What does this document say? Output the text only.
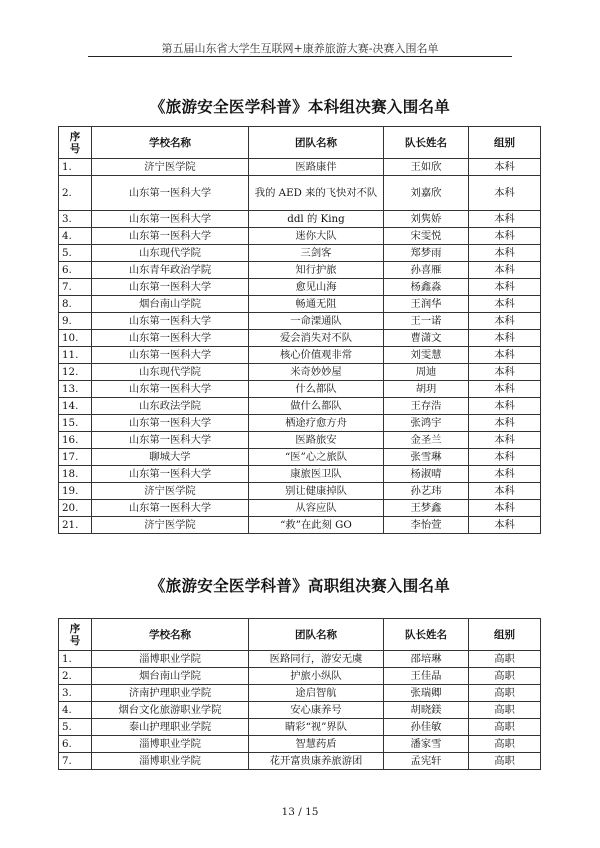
第五届山东省大学生互联网+康养旅游大赛-决赛入围名单
《旅游安全医学科普》本科组决赛入围名单
序号	学校名称	团队名称	队长姓名	组别
1.	济宁医学院	医路康伴	王如欣	本科
2.	山东第一医科大学	我的 AED 来的飞快对不队	刘嘉欣	本科
3.	山东第一医科大学	ddl 的 King	刘隽娇	本科
4.	山东第一医科大学	迷你大队	宋雯悦	本科
5.	山东现代学院	三剑客	郑梦雨	本科
6.	山东青年政治学院	知行护旅	孙喜雁	本科
7.	山东第一医科大学	愈见山海	杨鑫淼	本科
8.	烟台南山学院	畅通无阻	王润华	本科
9.	山东第一医科大学	一命溧通队	王一诺	本科
10.	山东第一医科大学	爱会消失对不队	曹潇文	本科
11.	山东第一医科大学	核心价值观非常	刘雯慧	本科
12.	山东现代学院	米奇妙妙屋	周迪	本科
13.	山东第一医科大学	什么都队	胡玥	本科
14.	山东政法学院	做什么都队	王存浩	本科
15.	山东第一医科大学	栖途疗愈方舟	张鸿宇	本科
16.	山东第一医科大学	医路旅安	金圣兰	本科
17.	聊城大学	“医”心之旅队	张雪琳	本科
18.	山东第一医科大学	康旅医卫队	杨淑晴	本科
19.	济宁医学院	别让健康掉队	孙艺玮	本科
20.	山东第一医科大学	从容应队	王梦鑫	本科
21.	济宁医学院	“救”在此刻 GO	李怡萱	本科
《旅游安全医学科普》高职组决赛入围名单
序号	学校名称	团队名称	队长姓名	组别
1.	淄博职业学院	医路同行，游安无虞	邵培琳	高职
2.	烟台南山学院	护旅小纵队	王佳晶	高职
3.	济南护理职业学院	途启智航	张瑞卿	高职
4.	烟台文化旅游职业学院	安心康养号	胡晓鎂	高职
5.	泰山护理职业学院	睛彩“视”界队	孙佳敏	高职
6.	淄博职业学院	智慧药盾	潘家雪	高职
7.	淄博职业学院	花开富贵康养旅游团	孟宪轩	高职
13 / 15
